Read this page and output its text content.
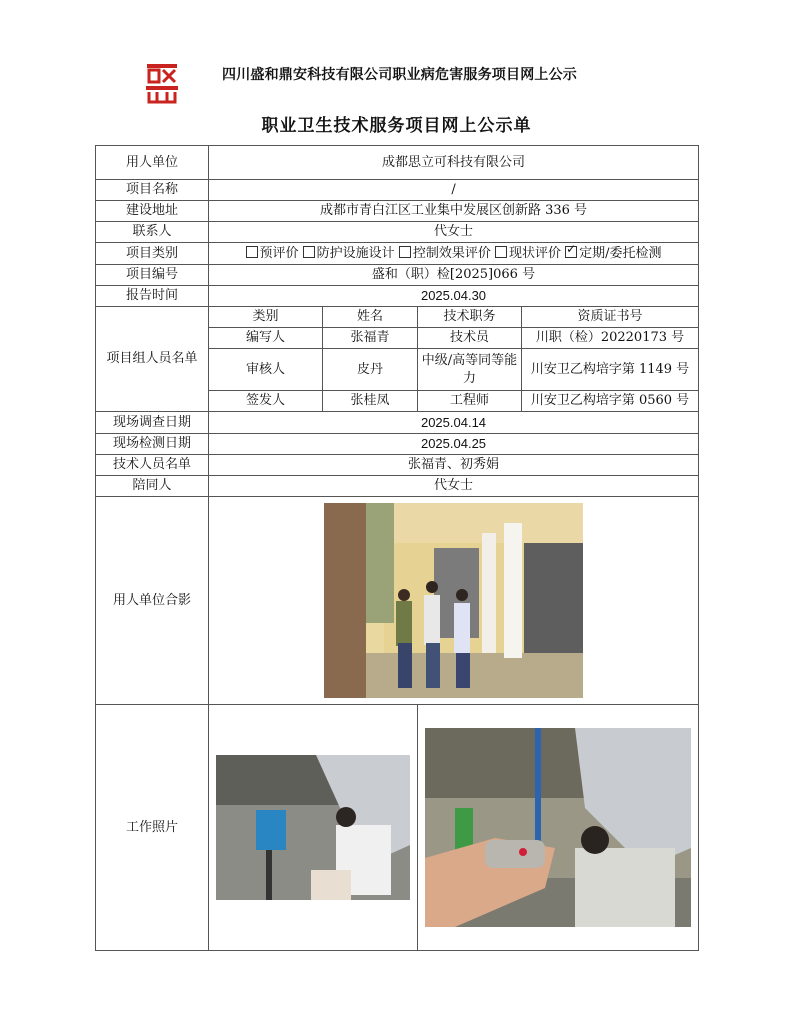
四川盛和鼎安科技有限公司职业病危害服务项目网上公示
职业卫生技术服务项目网上公示单
用人单位	成都思立可科技有限公司			
项目名称	/			
建设地址	成都市青白江区工业集中发展区创新路 336 号			
联系人	代女士			
项目类别	预评价 防护设施设计 控制效果评价 现状评价 ✓ 定期/委托检测
项目编号	盛和（职）检[2025]066 号			
报告时间	2025.04.30			
项目组人员名单	类别	姓名	技术职务	资质证书号
	编写人	张福青	技术员	川职（检）20220173 号
	审核人	皮丹	中级/高等同等能力	川安卫乙构培字第 1149 号
	签发人	张桂凤	工程师	川安卫乙构培字第 0560 号
现场调查日期	2025.04.14			
现场检测日期	2025.04.25			
技术人员名单	张福青、初秀娟			
陪同人	代女士			
用人单位合影	

工作照片	
